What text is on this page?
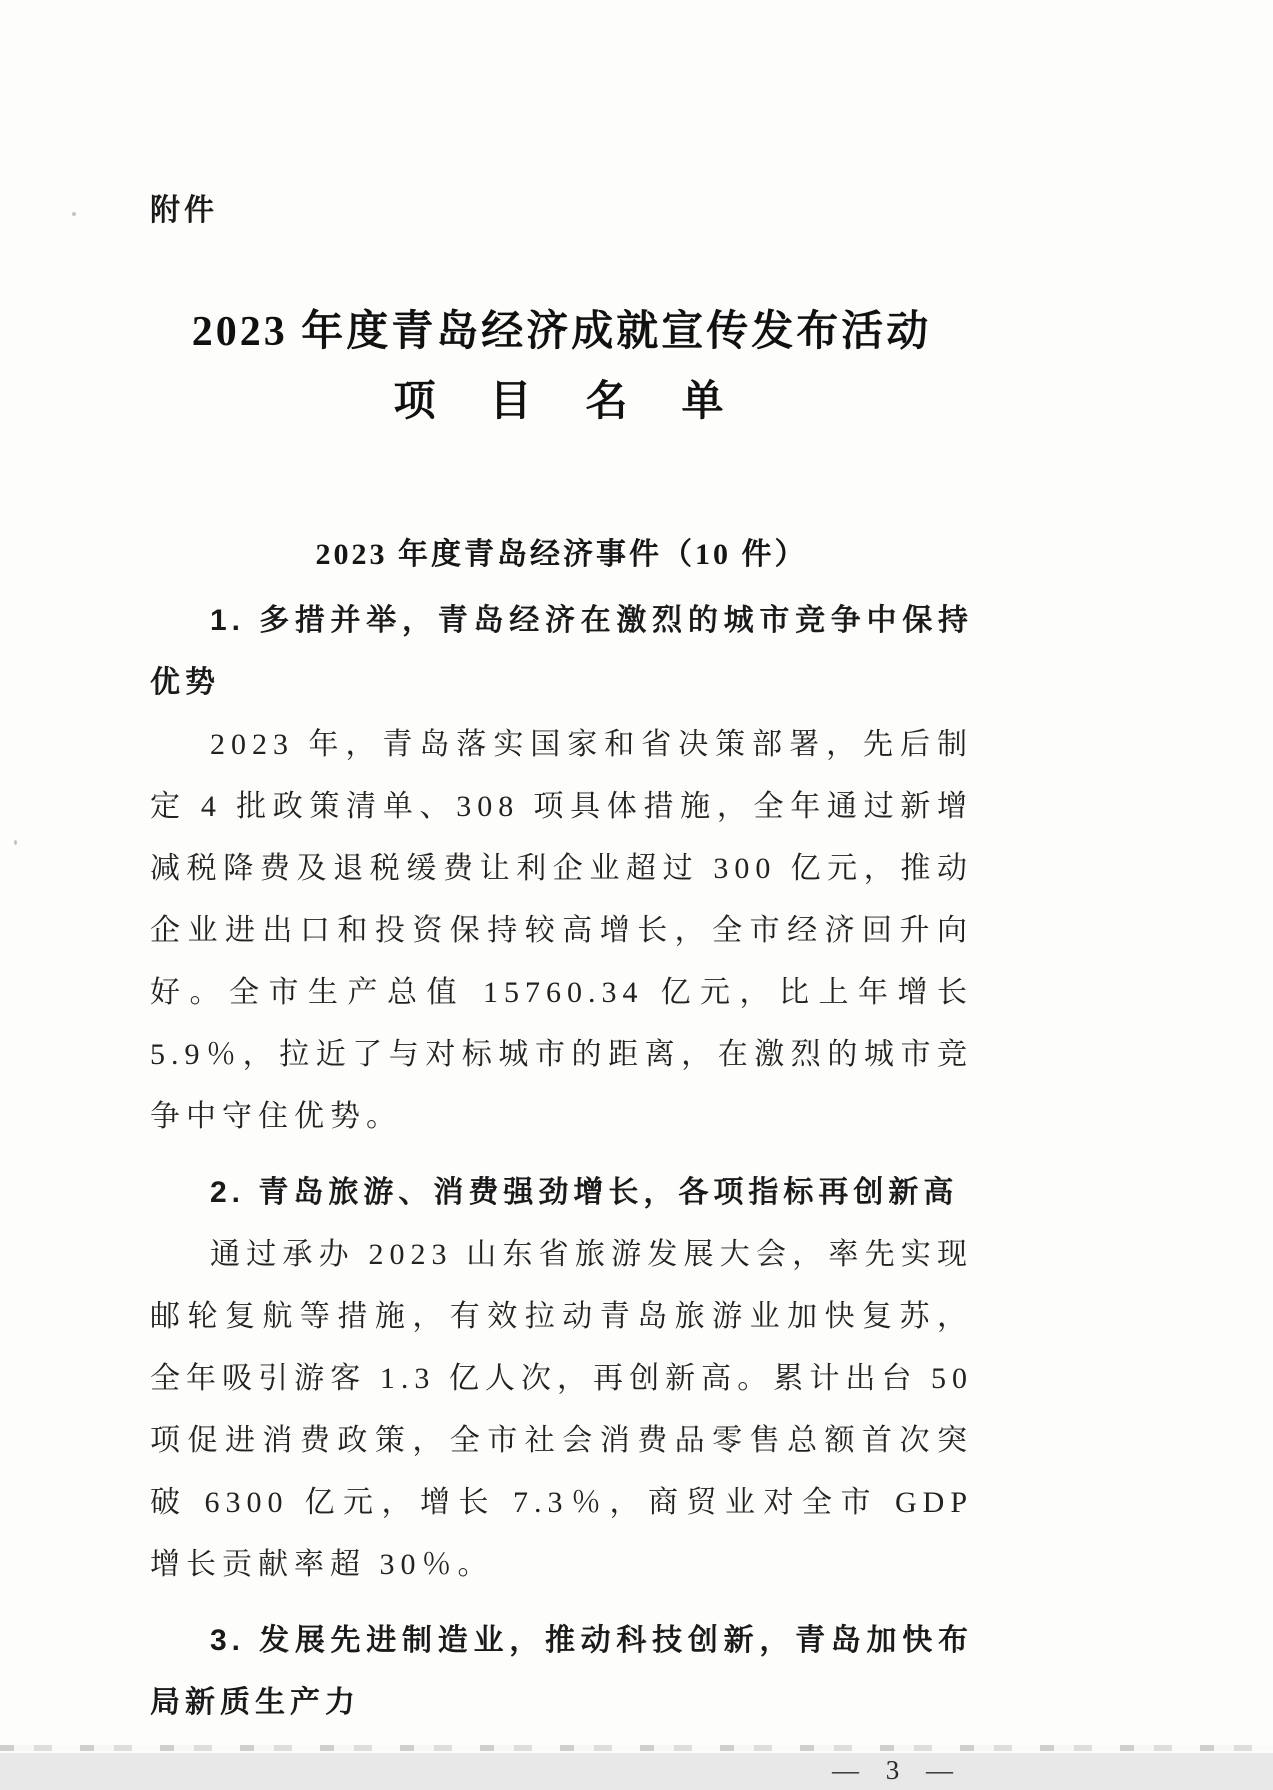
附件
2023 年度青岛经济成就宣传发布活动
项　目　名　单
2023 年度青岛经济事件（10 件）
1. 多措并举，青岛经济在激烈的城市竞争中保持优势

2023 年，青岛落实国家和省决策部署，先后制定 4 批政策清单、308 项具体措施，全年通过新增减税降费及退税缓费让利企业超过 300 亿元，推动企业进出口和投资保持较高增长，全市经济回升向好。全市生产总值 15760.34 亿元，比上年增长 5.9％，拉近了与对标城市的距离，在激烈的城市竞争中守住优势。

2. 青岛旅游、消费强劲增长，各项指标再创新高

通过承办 2023 山东省旅游发展大会，率先实现邮轮复航等措施，有效拉动青岛旅游业加快复苏，全年吸引游客 1.3 亿人次，再创新高。累计出台 50 项促进消费政策，全市社会消费品零售总额首次突破 6300 亿元，增长 7.3％，商贸业对全市 GDP 增长贡献率超 30％。

3. 发展先进制造业，推动科技创新，青岛加快布局新质生产力
— 3 —
